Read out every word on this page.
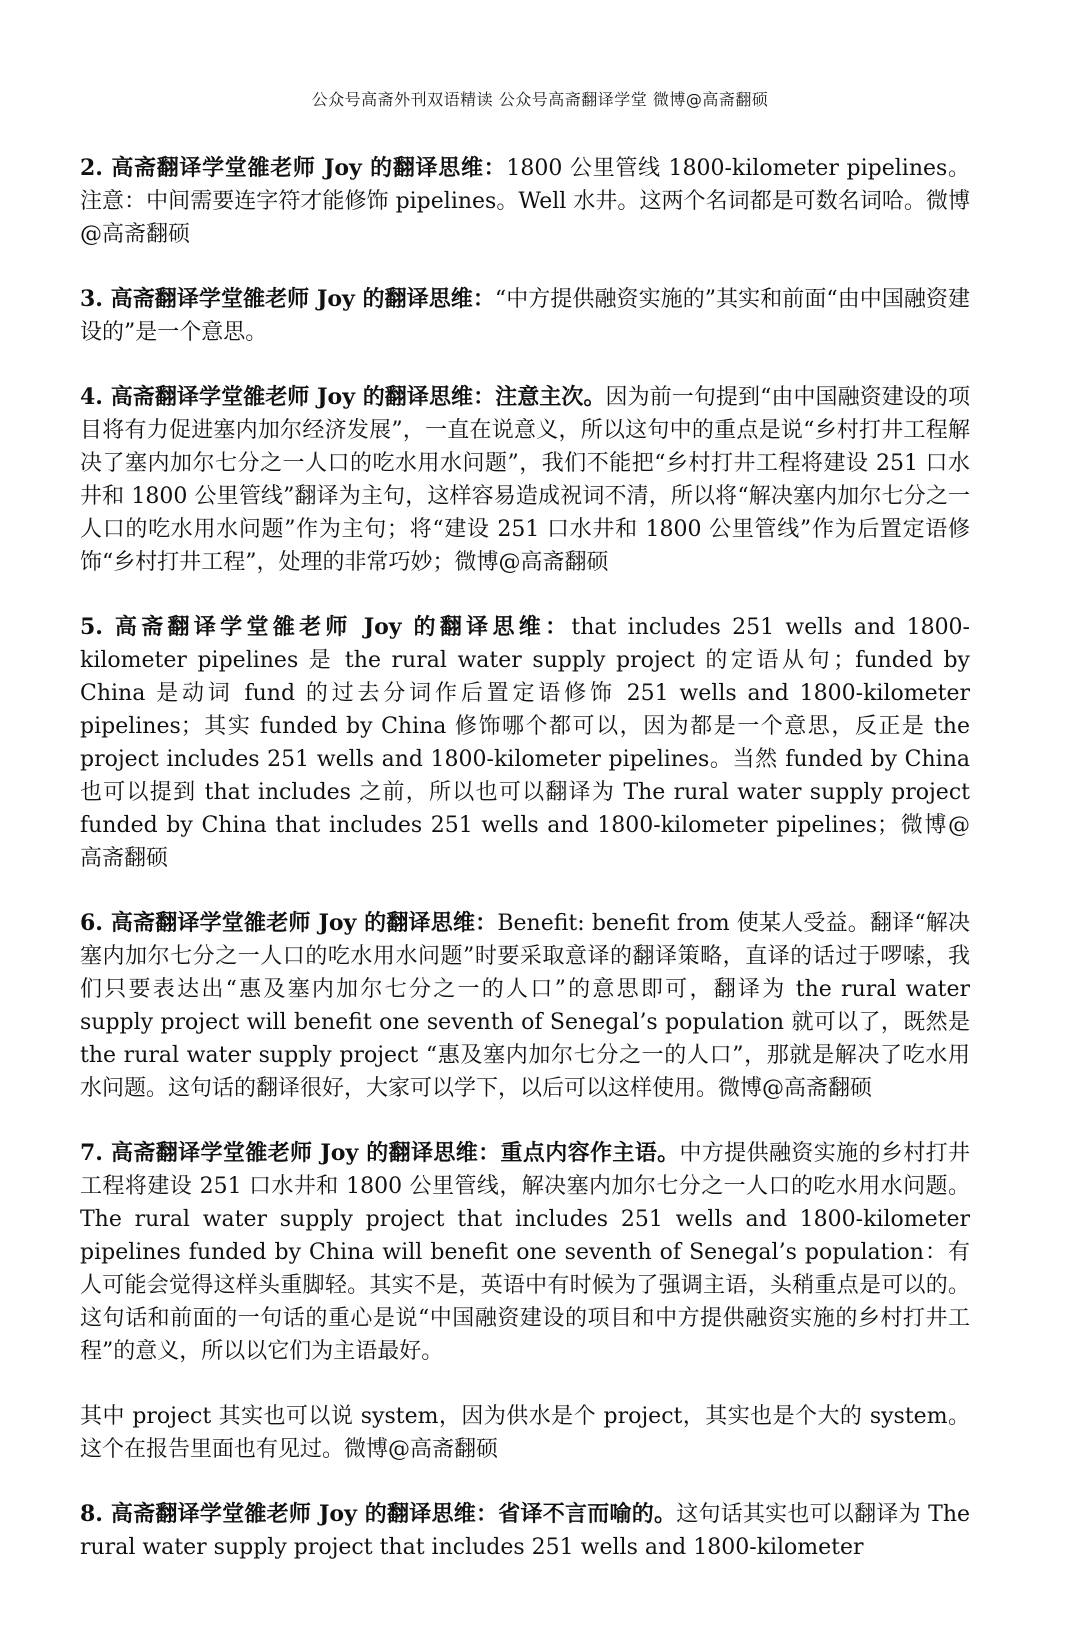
公众号高斋外刊双语精读 公众号高斋翻译学堂 微博@高斋翻硕

2. 高斋翻译学堂雒老师 Joy 的翻译思维：1800 公里管线 1800-kilometer pipelines。注意：中间需要连字符才能修饰 pipelines。Well 水井。这两个名词都是可数名词哈。微博@高斋翻硕

3. 高斋翻译学堂雒老师 Joy 的翻译思维：“中方提供融资实施的”其实和前面“由中国融资建设的”是一个意思。

4. 高斋翻译学堂雒老师 Joy 的翻译思维：注意主次。因为前一句提到“由中国融资建设的项目将有力促进塞内加尔经济发展”，一直在说意义，所以这句中的重点是说“乡村打井工程解决了塞内加尔七分之一人口的吃水用水问题”，我们不能把“乡村打井工程将建设 251 口水井和 1800 公里管线”翻译为主句，这样容易造成祝词不清，所以将“解决塞内加尔七分之一人口的吃水用水问题”作为主句；将“建设 251 口水井和 1800 公里管线”作为后置定语修饰“乡村打井工程”，处理的非常巧妙；微博@高斋翻硕

5. 高斋翻译学堂雒老师 Joy 的翻译思维：that includes 251 wells and 1800-kilometer pipelines 是 the rural water supply project 的定语从句；funded by China 是动词 fund 的过去分词作后置定语修饰 251 wells and 1800-kilometer pipelines；其实 funded by China 修饰哪个都可以，因为都是一个意思，反正是 the project includes 251 wells and 1800-kilometer pipelines。当然 funded by China 也可以提到 that includes 之前，所以也可以翻译为 The rural water supply project funded by China that includes 251 wells and 1800-kilometer pipelines；微博@高斋翻硕

6. 高斋翻译学堂雒老师 Joy 的翻译思维：Benefit: benefit from 使某人受益。翻译“解决塞内加尔七分之一人口的吃水用水问题”时要采取意译的翻译策略，直译的话过于啰嗦，我们只要表达出“惠及塞内加尔七分之一的人口”的意思即可，翻译为 the rural water supply project will benefit one seventh of Senegal’s population 就可以了，既然是 the rural water supply project “惠及塞内加尔七分之一的人口”，那就是解决了吃水用水问题。这句话的翻译很好，大家可以学下，以后可以这样使用。微博@高斋翻硕

7. 高斋翻译学堂雒老师 Joy 的翻译思维：重点内容作主语。中方提供融资实施的乡村打井工程将建设 251 口水井和 1800 公里管线，解决塞内加尔七分之一人口的吃水用水问题。The rural water supply project that includes 251 wells and 1800-kilometer pipelines funded by China will benefit one seventh of Senegal’s population：有人可能会觉得这样头重脚轻。其实不是，英语中有时候为了强调主语，头稍重点是可以的。这句话和前面的一句话的重心是说“中国融资建设的项目和中方提供融资实施的乡村打井工程”的意义，所以以它们为主语最好。

其中 project 其实也可以说 system，因为供水是个 project，其实也是个大的 system。这个在报告里面也有见过。微博@高斋翻硕

8. 高斋翻译学堂雒老师 Joy 的翻译思维：省译不言而喻的。这句话其实也可以翻译为 The rural water supply project that includes 251 wells and 1800-kilometer
